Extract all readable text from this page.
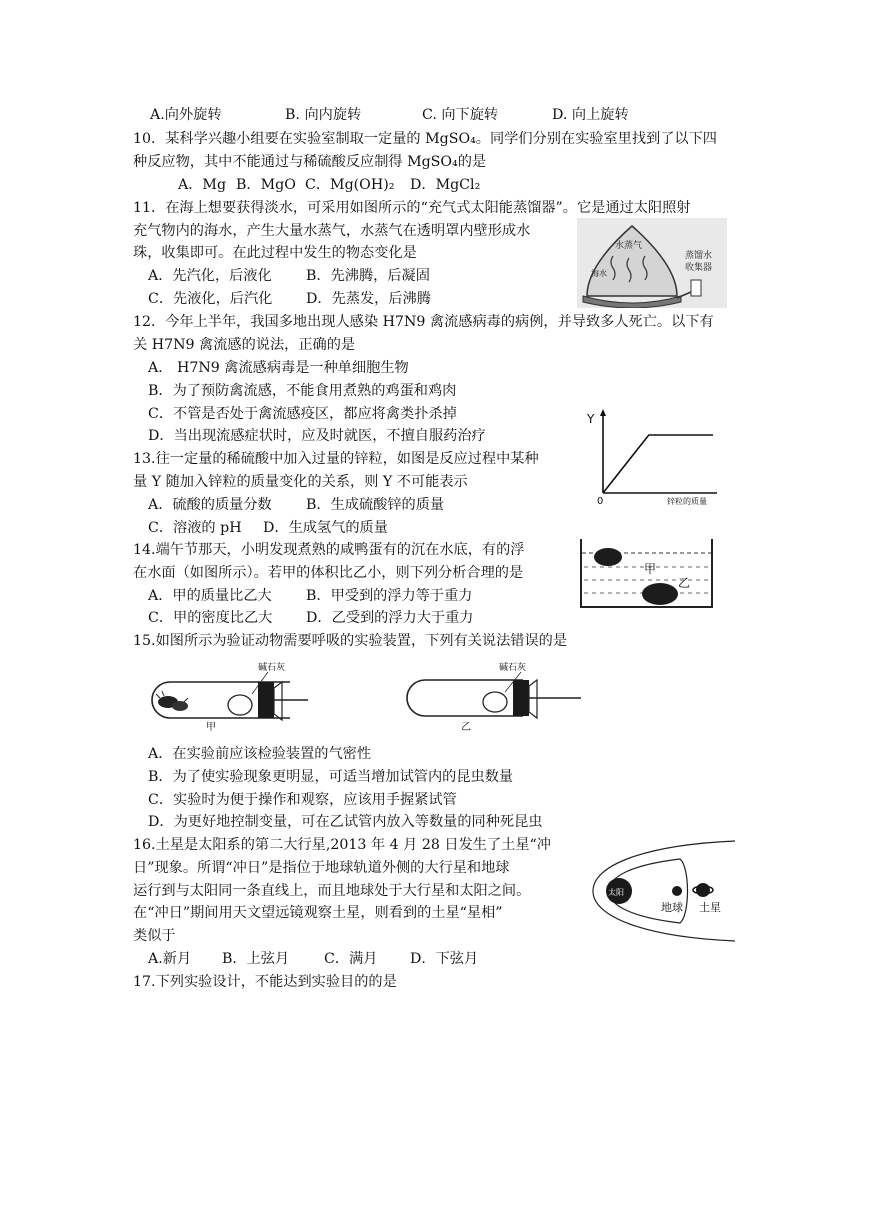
A.向外旋转	B. 向内旋转	C. 向下旋转	D. 向上旋转
10．某科学兴趣小组要在实验室制取一定量的 MgSO₄。同学们分别在实验室里找到了以下四
种反应物，其中不能通过与稀硫酸反应制得 MgSO₄的是
A．Mg B．MgO C．Mg(OH)₂ D．MgCl₂
11．在海上想要获得淡水，可采用如图所示的“充气式太阳能蒸馏器”。它是通过太阳照射
充气物内的海水，产生大量水蒸气，水蒸气在透明罩内壁形成水
珠，收集即可。在此过程中发生的物态变化是
A．先汽化，后液化 B．先沸腾，后凝固
C．先液化，后汽化 D．先蒸发，后沸腾
水蒸气
海水
蒸馏水
收集器
12．今年上半年，我国多地出现人感染 H7N9 禽流感病毒的病例，并导致多人死亡。以下有
关 H7N9 禽流感的说法，正确的是
A． H7N9 禽流感病毒是一种单细胞生物
B．为了预防禽流感，不能食用煮熟的鸡蛋和鸡肉
C．不管是否处于禽流感疫区，都应将禽类扑杀掉
D．当出现流感症状时，应及时就医，不擅自服药治疗
Y
0	锌粒的质量
13.往一定量的稀硫酸中加入过量的锌粒，如图是反应过程中某种
量 Y 随加入锌粒的质量变化的关系，则 Y 不可能表示
A．硫酸的质量分数 B．生成硫酸锌的质量
C．溶液的 pH D．生成氢气的质量
14.端午节那天，小明发现煮熟的咸鸭蛋有的沉在水底，有的浮
在水面（如图所示）。若甲的体积比乙小，则下列分析合理的是
A．甲的质量比乙大 B．甲受到的浮力等于重力
C．甲的密度比乙大 D．乙受到的浮力大于重力
甲
乙
15.如图所示为验证动物需要呼吸的实验装置，下列有关说法错误的是
碱石灰
甲
碱石灰
乙
A．在实验前应该检验装置的气密性
B．为了使实验现象更明显，可适当增加试管内的昆虫数量
C．实验时为便于操作和观察，应该用手握紧试管
D．为更好地控制变量，可在乙试管内放入等数量的同种死昆虫
16.土星是太阳系的第二大行星,2013 年 4 月 28 日发生了土星“冲
日”现象。所谓“冲日”是指位于地球轨道外侧的大行星和地球
运行到与太阳同一条直线上，而且地球处于大行星和太阳之间。
在“冲日”期间用天文望远镜观察土星，则看到的土星“星相”
类似于
A.新月 B．上弦月 C．满月 D．下弦月
太阳
地球 土星
17.下列实验设计，不能达到实验目的的是
